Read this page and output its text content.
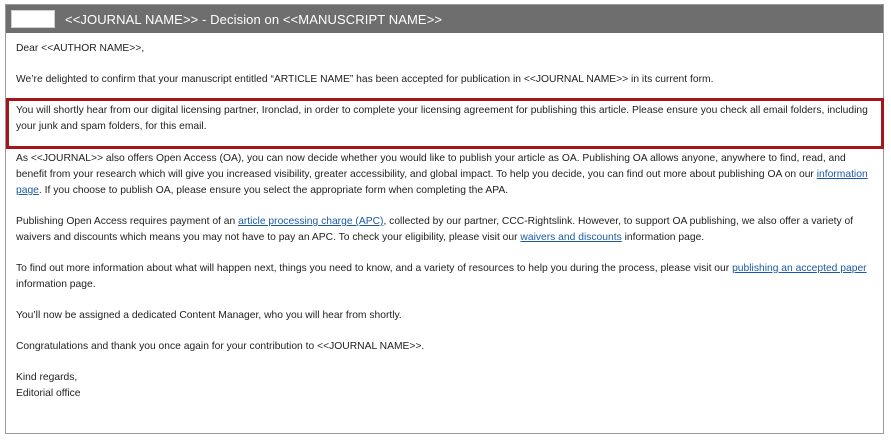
<<JOURNAL NAME>> - Decision on <<MANUSCRIPT NAME>>

Dear <<AUTHOR NAME>>,

We’re delighted to confirm that your manuscript entitled “ARTICLE NAME” has been accepted for publication in <<JOURNAL NAME>> in its current form.

You will shortly hear from our digital licensing partner, Ironclad, in order to complete your licensing agreement for publishing this article. Please ensure you check all email folders, including your junk and spam folders, for this email.

As <<JOURNAL>> also offers Open Access (OA), you can now decide whether you would like to publish your article as OA. Publishing OA allows anyone, anywhere to find, read, and benefit from your research which will give you increased visibility, greater accessibility, and global impact. To help you decide, you can find out more about publishing OA on our information page. If you choose to publish OA, please ensure you select the appropriate form when completing the APA.

Publishing Open Access requires payment of an article processing charge (APC), collected by our partner, CCC-Rightslink. However, to support OA publishing, we also offer a variety of waivers and discounts which means you may not have to pay an APC. To check your eligibility, please visit our waivers and discounts information page.

To find out more information about what will happen next, things you need to know, and a variety of resources to help you during the process, please visit our publishing an accepted paper information page.

You’ll now be assigned a dedicated Content Manager, who you will hear from shortly.

Congratulations and thank you once again for your contribution to <<JOURNAL NAME>>.

Kind regards,

Editorial office
